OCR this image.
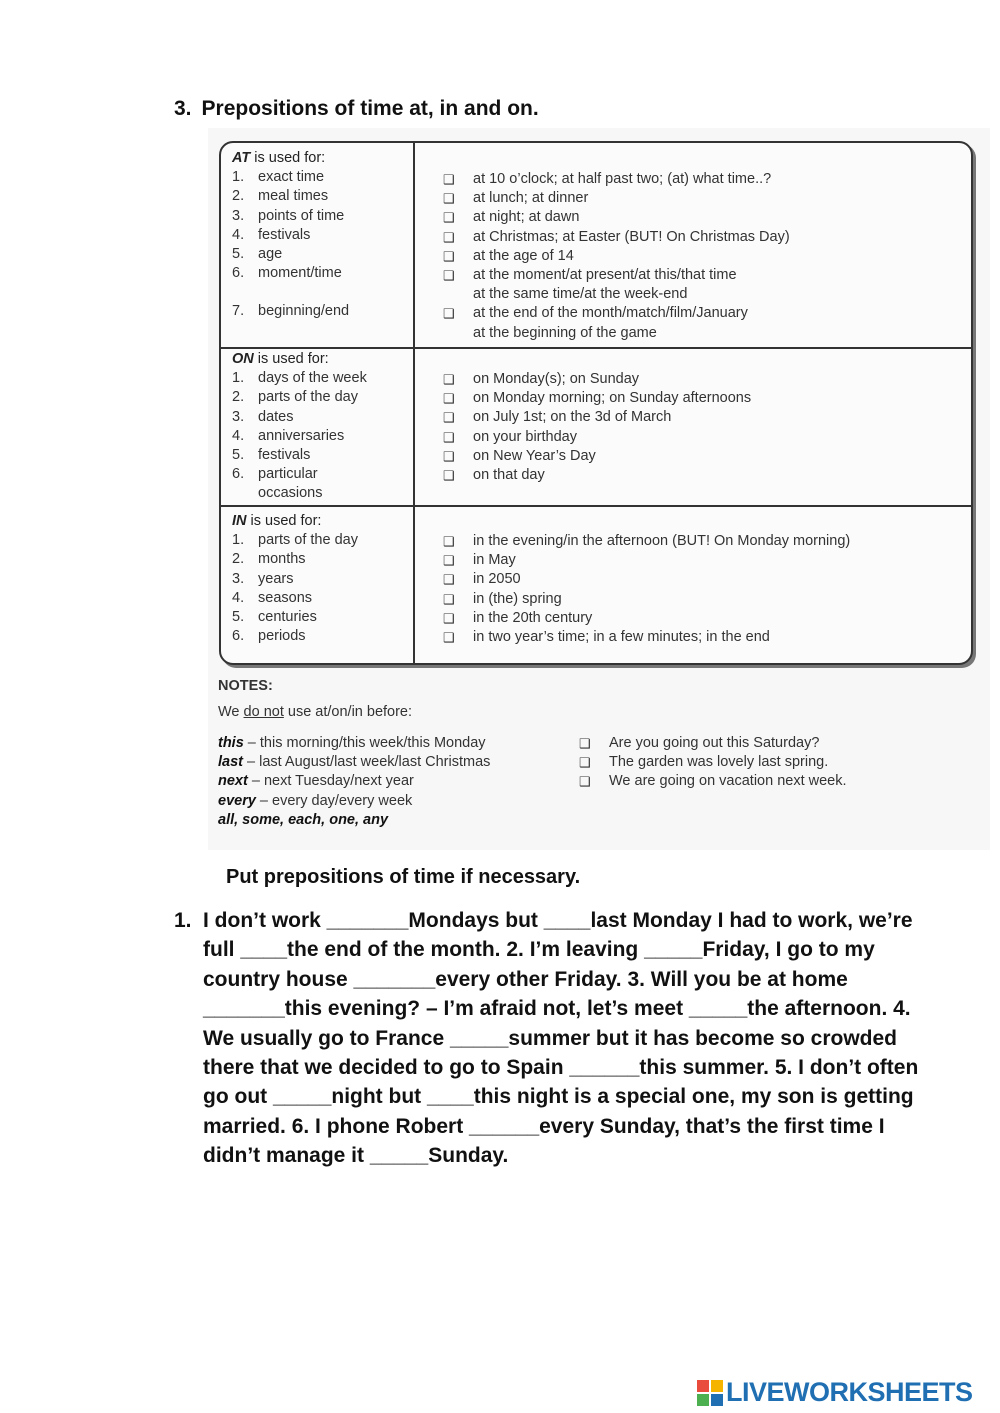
3. Prepositions of time at, in and on.
AT is used for:
1. exact time
2. meal times
3. points of time
4. festivals
5. age
6. moment/time
7. beginning/end
❑	at 10 o’clock; at half past two; (at) what time..?
❑	at lunch; at dinner
❑	at night; at dawn
❑	at Christmas; at Easter (BUT! On Christmas Day)
❑	at the age of 14
❑	at the moment/at present/at this/that time
at the same time/at the week-end
❑	at the end of the month/match/film/January
at the beginning of the game
ON is used for:
1. days of the week
2. parts of the day
3. dates
4. anniversaries
5. festivals
6. particular
occasions
❑	on Monday(s); on Sunday
❑	on Monday morning; on Sunday afternoons
❑	on July 1st; on the 3d of March
❑	on your birthday
❑	on New Year’s Day
❑	on that day
IN is used for:
1. parts of the day
2. months
3. years
4. seasons
5. centuries
6. periods
❑	in the evening/in the afternoon (BUT! On Monday morning)
❑	in May
❑	in 2050
❑	in (the) spring
❑	in the 20th century
❑	in two year’s time; in a few minutes; in the end
NOTES:
We do not use at/on/in before:
this – this morning/this week/this Monday
last – last August/last week/last Christmas
next – next Tuesday/next year
every – every day/every week
all, some, each, one, any
❑	Are you going out this Saturday?
❑	The garden was lovely last spring.
❑	We are going on vacation next week.
Put prepositions of time if necessary.
1. I don’t work _______Mondays but ____last Monday I had to work, we’re full ____the end of the month. 2. I’m leaving _____Friday, I go to my country house _______every other Friday. 3. Will you be at home _______this evening? – I’m afraid not, let’s meet _____the afternoon. 4. We usually go to France _____summer but it has become so crowded there that we decided to go to Spain ______this summer. 5. I don’t often go out _____night but ____this night is a special one, my son is getting married. 6. I phone Robert ______every Sunday, that’s the first time I didn’t manage it _____Sunday.
LIVEWORKSHEETS
